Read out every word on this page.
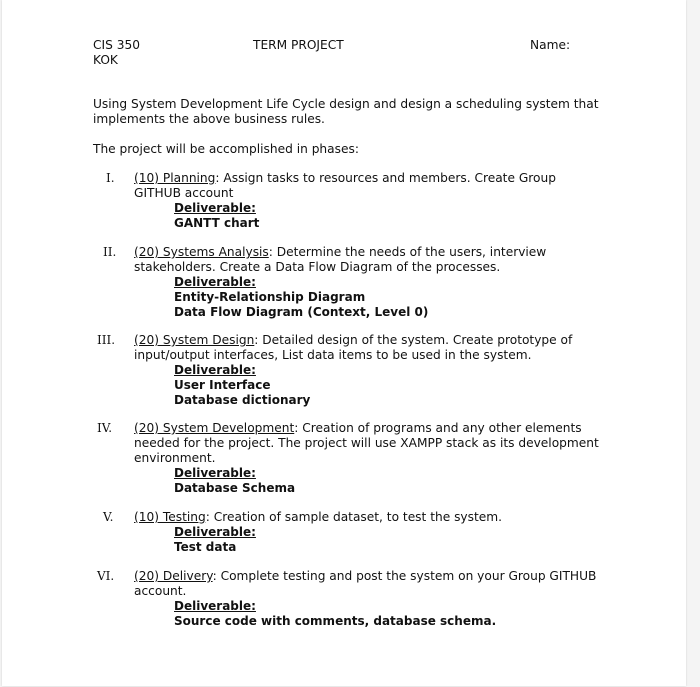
CIS 350
KOK
TERM PROJECT	Name:
Using System Development Life Cycle design and design a scheduling system that implements the above business rules.
The project will be accomplished in phases:
I.	(10) Planning: Assign tasks to resources and members. Create Group
GITHUB account
Deliverable:
GANTT chart
II.	(20) Systems Analysis: Determine the needs of the users, interview
stakeholders. Create a Data Flow Diagram of the processes.
Deliverable:
Entity-Relationship Diagram
Data Flow Diagram (Context, Level 0)
III.	(20) System Design: Detailed design of the system. Create prototype of
input/output interfaces, List data items to be used in the system.
Deliverable:
User Interface
Database dictionary
IV.	(20) System Development: Creation of programs and any other elements
needed for the project. The project will use XAMPP stack as its development environment.
Deliverable:
Database Schema
V.	(10) Testing: Creation of sample dataset, to test the system.
Deliverable:
Test data
VI.	(20) Delivery: Complete testing and post the system on your Group GITHUB
account.
Deliverable:
Source code with comments, database schema.
